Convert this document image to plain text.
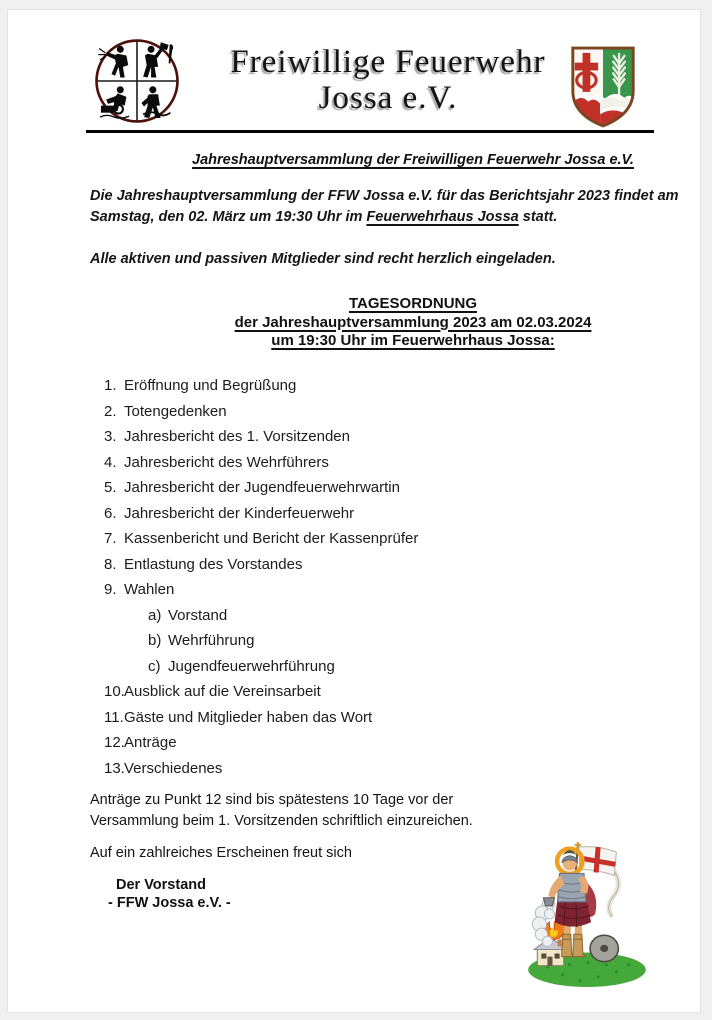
Freiwillige Feuerwehr
Jossa e.V.
Jahreshauptversammlung der Freiwilligen Feuerwehr Jossa e.V.

Die Jahreshauptversammlung der FFW Jossa e.V. für das Berichtsjahr 2023 findet am Samstag, den 02. März um 19:30 Uhr im Feuerwehrhaus Jossa statt.

Alle aktiven und passiven Mitglieder sind recht herzlich eingeladen.

TAGESORDNUNG
der Jahreshauptversammlung 2023 am 02.03.2024
um 19:30 Uhr im Feuerwehrhaus Jossa:
1. Eröffnung und Begrüßung
2. Totengedenken
3. Jahresbericht des 1. Vorsitzenden
4. Jahresbericht des Wehrführers
5. Jahresbericht der Jugendfeuerwehrwartin
6. Jahresbericht der Kinderfeuerwehr
7. Kassenbericht und Bericht der Kassenprüfer
8. Entlastung des Vorstandes
9. Wahlen
a) Vorstand
b) Wehrführung
c) Jugendfeuerwehrführung
10. Ausblick auf die Vereinsarbeit
11. Gäste und Mitglieder haben das Wort
12. Anträge
13. Verschiedenes

Anträge zu Punkt 12 sind bis spätestens 10 Tage vor der Versammlung beim 1. Vorsitzenden schriftlich einzureichen.

Auf ein zahlreiches Erscheinen freut sich

Der Vorstand
- FFW Jossa e.V. -
